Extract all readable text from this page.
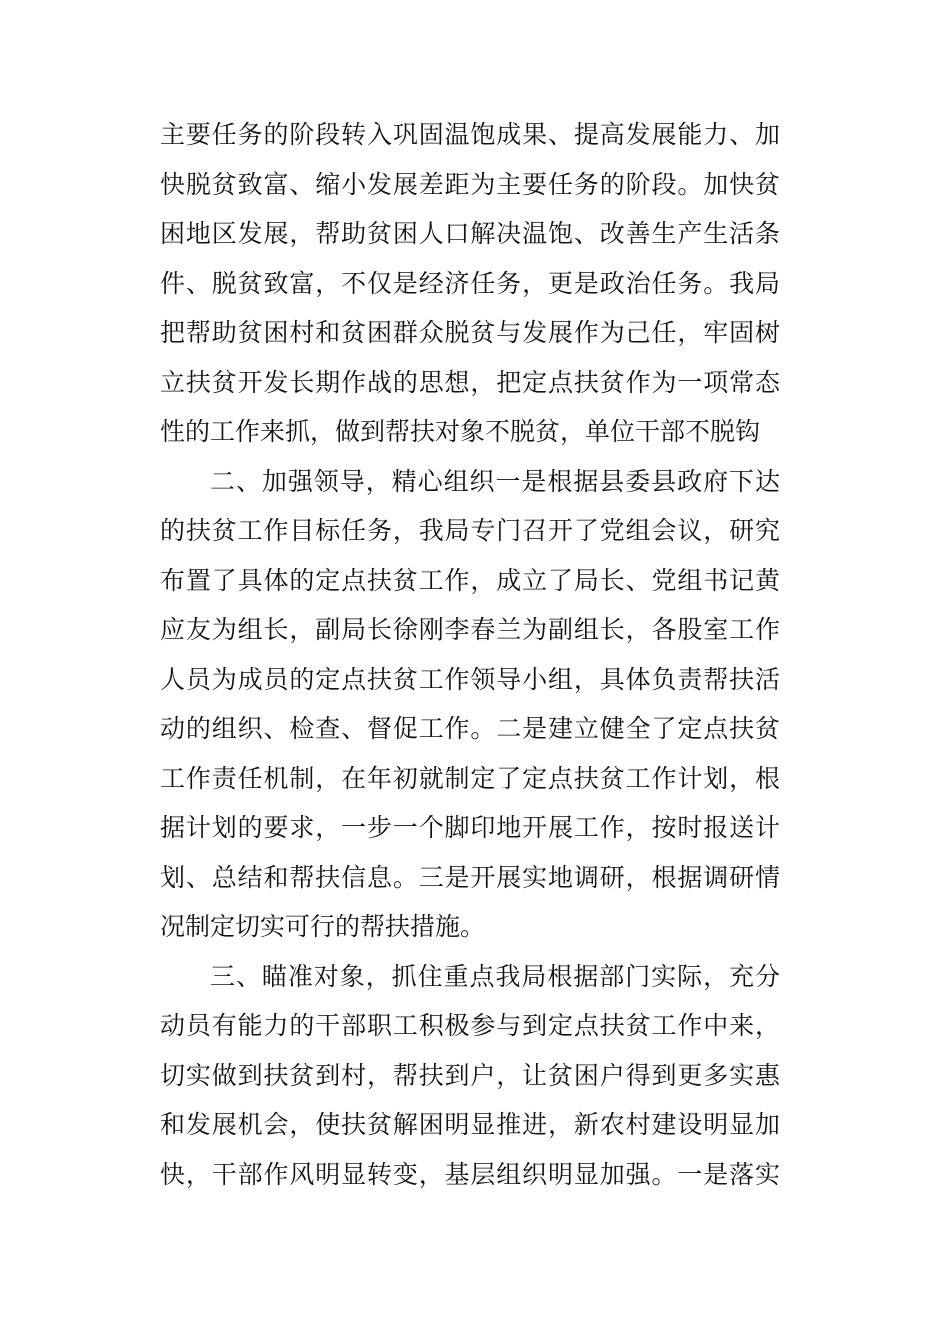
主要任务的阶段转入巩固温饱成果、提高发展能力、加
快脱贫致富、缩小发展差距为主要任务的阶段。加快贫
困地区发展，帮助贫困人口解决温饱、改善生产生活条
件、脱贫致富，不仅是经济任务，更是政治任务。我局
把帮助贫困村和贫困群众脱贫与发展作为己任，牢固树
立扶贫开发长期作战的思想，把定点扶贫作为一项常态
性的工作来抓，做到帮扶对象不脱贫，单位干部不脱钩
二、加强领导，精心组织一是根据县委县政府下达
的扶贫工作目标任务，我局专门召开了党组会议，研究
布置了具体的定点扶贫工作，成立了局长、党组书记黄
应友为组长，副局长徐刚李春兰为副组长，各股室工作
人员为成员的定点扶贫工作领导小组，具体负责帮扶活
动的组织、检查、督促工作。二是建立健全了定点扶贫
工作责任机制，在年初就制定了定点扶贫工作计划，根
据计划的要求，一步一个脚印地开展工作，按时报送计
划、总结和帮扶信息。三是开展实地调研，根据调研情
况制定切实可行的帮扶措施。
三、瞄准对象，抓住重点我局根据部门实际，充分
动员有能力的干部职工积极参与到定点扶贫工作中来，
切实做到扶贫到村，帮扶到户，让贫困户得到更多实惠
和发展机会，使扶贫解困明显推进，新农村建设明显加
快，干部作风明显转变，基层组织明显加强。一是落实
